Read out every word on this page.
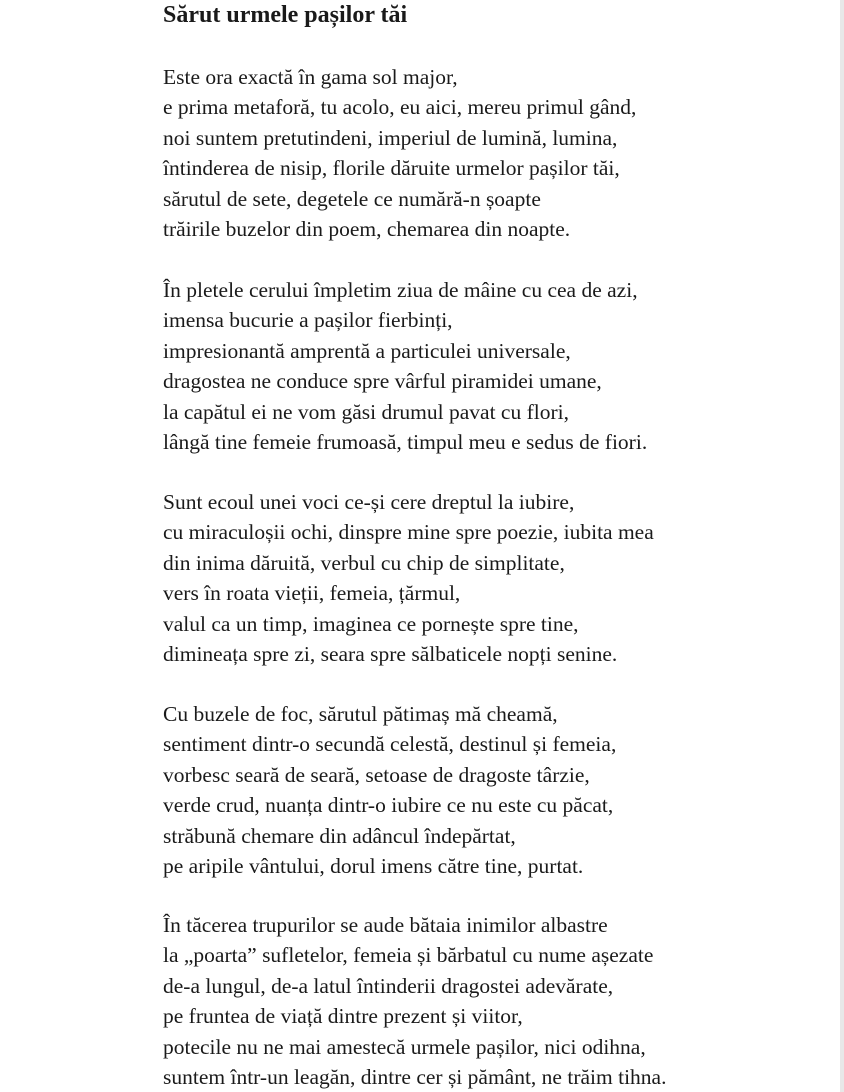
Sărut urmele pașilor tăi

Este ora exactă în gama sol major,
e prima metaforă, tu acolo, eu aici, mereu primul gând,
noi suntem pretutindeni, imperiul de lumină, lumina,
întinderea de nisip, florile dăruite urmelor pașilor tăi,
sărutul de sete, degetele ce numără-n șoapte
trăirile buzelor din poem, chemarea din noapte.

În pletele cerului împletim ziua de mâine cu cea de azi,
imensa bucurie a pașilor fierbinți,
impresionantă amprentă a particulei universale,
dragostea ne conduce spre vârful piramidei umane,
la capătul ei ne vom găsi drumul pavat cu flori,
lângă tine femeie frumoasă, timpul meu e sedus de fiori.

Sunt ecoul unei voci ce-și cere dreptul la iubire,
cu miraculoșii ochi, dinspre mine spre poezie, iubita mea
din inima dăruită, verbul cu chip de simplitate,
vers în roata vieții, femeia, țărmul,
valul ca un timp, imaginea ce pornește spre tine,
dimineața spre zi, seara spre sălbaticele nopți senine.

Cu buzele de foc, sărutul pătimaș mă cheamă,
sentiment dintr-o secundă celestă, destinul și femeia,
vorbesc seară de seară, setoase de dragoste târzie,
verde crud, nuanța dintr-o iubire ce nu este cu păcat,
străbună chemare din adâncul îndepărtat,
pe aripile vântului, dorul imens către tine, purtat.

În tăcerea trupurilor se aude bătaia inimilor albastre
la „poarta” sufletelor, femeia și bărbatul cu nume așezate
de-a lungul, de-a latul întinderii dragostei adevărate,
pe fruntea de viață dintre prezent și viitor,
potecile nu ne mai amestecă urmele pașilor, nici odihna,
suntem într-un leagăn, dintre cer și pământ, ne trăim tihna.
